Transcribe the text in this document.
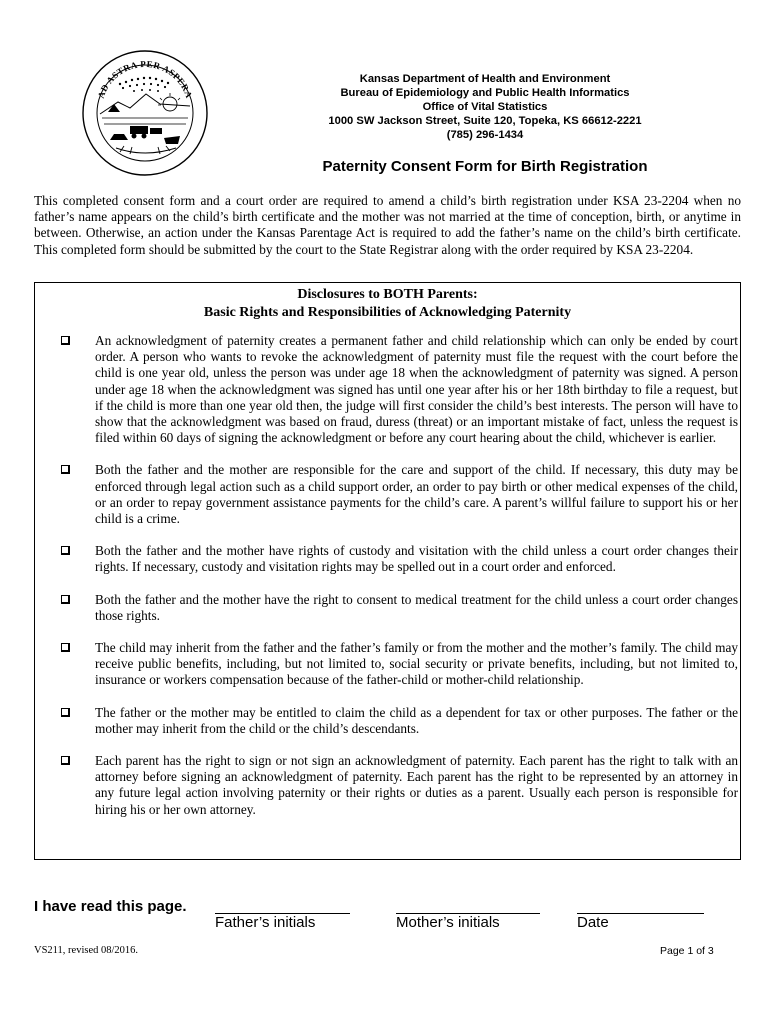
AD ASTRA PER ASPERA
Kansas Department of Health and Environment
Bureau of Epidemiology and Public Health Informatics
Office of Vital Statistics
1000 SW Jackson Street, Suite 120, Topeka, KS 66612-2221
(785) 296-1434
Paternity Consent Form for Birth Registration

This completed consent form and a court order are required to amend a child’s birth registration under KSA 23-2204 when no father’s name appears on the child’s birth certificate and the mother was not married at the time of conception, birth, or anytime in between. Otherwise, an action under the Kansas Parentage Act is required to add the father’s name on the child’s birth certificate. This completed form should be submitted by the court to the State Registrar along with the order required by KSA 23-2204.

Disclosures to BOTH Parents:
Basic Rights and Responsibilities of Acknowledging Paternity
An acknowledgment of paternity creates a permanent father and child relationship which can only be ended by court order. A person who wants to revoke the acknowledgment of paternity must file the request with the court before the child is one year old, unless the person was under age 18 when the acknowledgment of paternity was signed. A person under age 18 when the acknowledgment was signed has until one year after his or her 18th birthday to file a request, but if the child is more than one year old then, the judge will first consider the child’s best interests. The person will have to show that the acknowledgment was based on fraud, duress (threat) or an important mistake of fact, unless the request is filed within 60 days of signing the acknowledgment or before any court hearing about the child, whichever is earlier.
Both the father and the mother are responsible for the care and support of the child. If necessary, this duty may be enforced through legal action such as a child support order, an order to pay birth or other medical expenses of the child, or an order to repay government assistance payments for the child’s care. A parent’s willful failure to support his or her child is a crime.
Both the father and the mother have rights of custody and visitation with the child unless a court order changes their rights. If necessary, custody and visitation rights may be spelled out in a court order and enforced.
Both the father and the mother have the right to consent to medical treatment for the child unless a court order changes those rights.
The child may inherit from the father and the father’s family or from the mother and the mother’s family. The child may receive public benefits, including, but not limited to, social security or private benefits, including, but not limited to, insurance or workers compensation because of the father-child or mother-child relationship.
The father or the mother may be entitled to claim the child as a dependent for tax or other purposes. The father or the mother may inherit from the child or the child’s descendants.
Each parent has the right to sign or not sign an acknowledgment of paternity. Each parent has the right to talk with an attorney before signing an acknowledgment of paternity. Each parent has the right to be represented by an attorney in any future legal action involving paternity or their rights or duties as a parent. Usually each person is responsible for hiring his or her own attorney.
I have read this page.
Father’s initials	Mother’s initials	Date
VS211, revised 08/2016.	Page 1 of 3
